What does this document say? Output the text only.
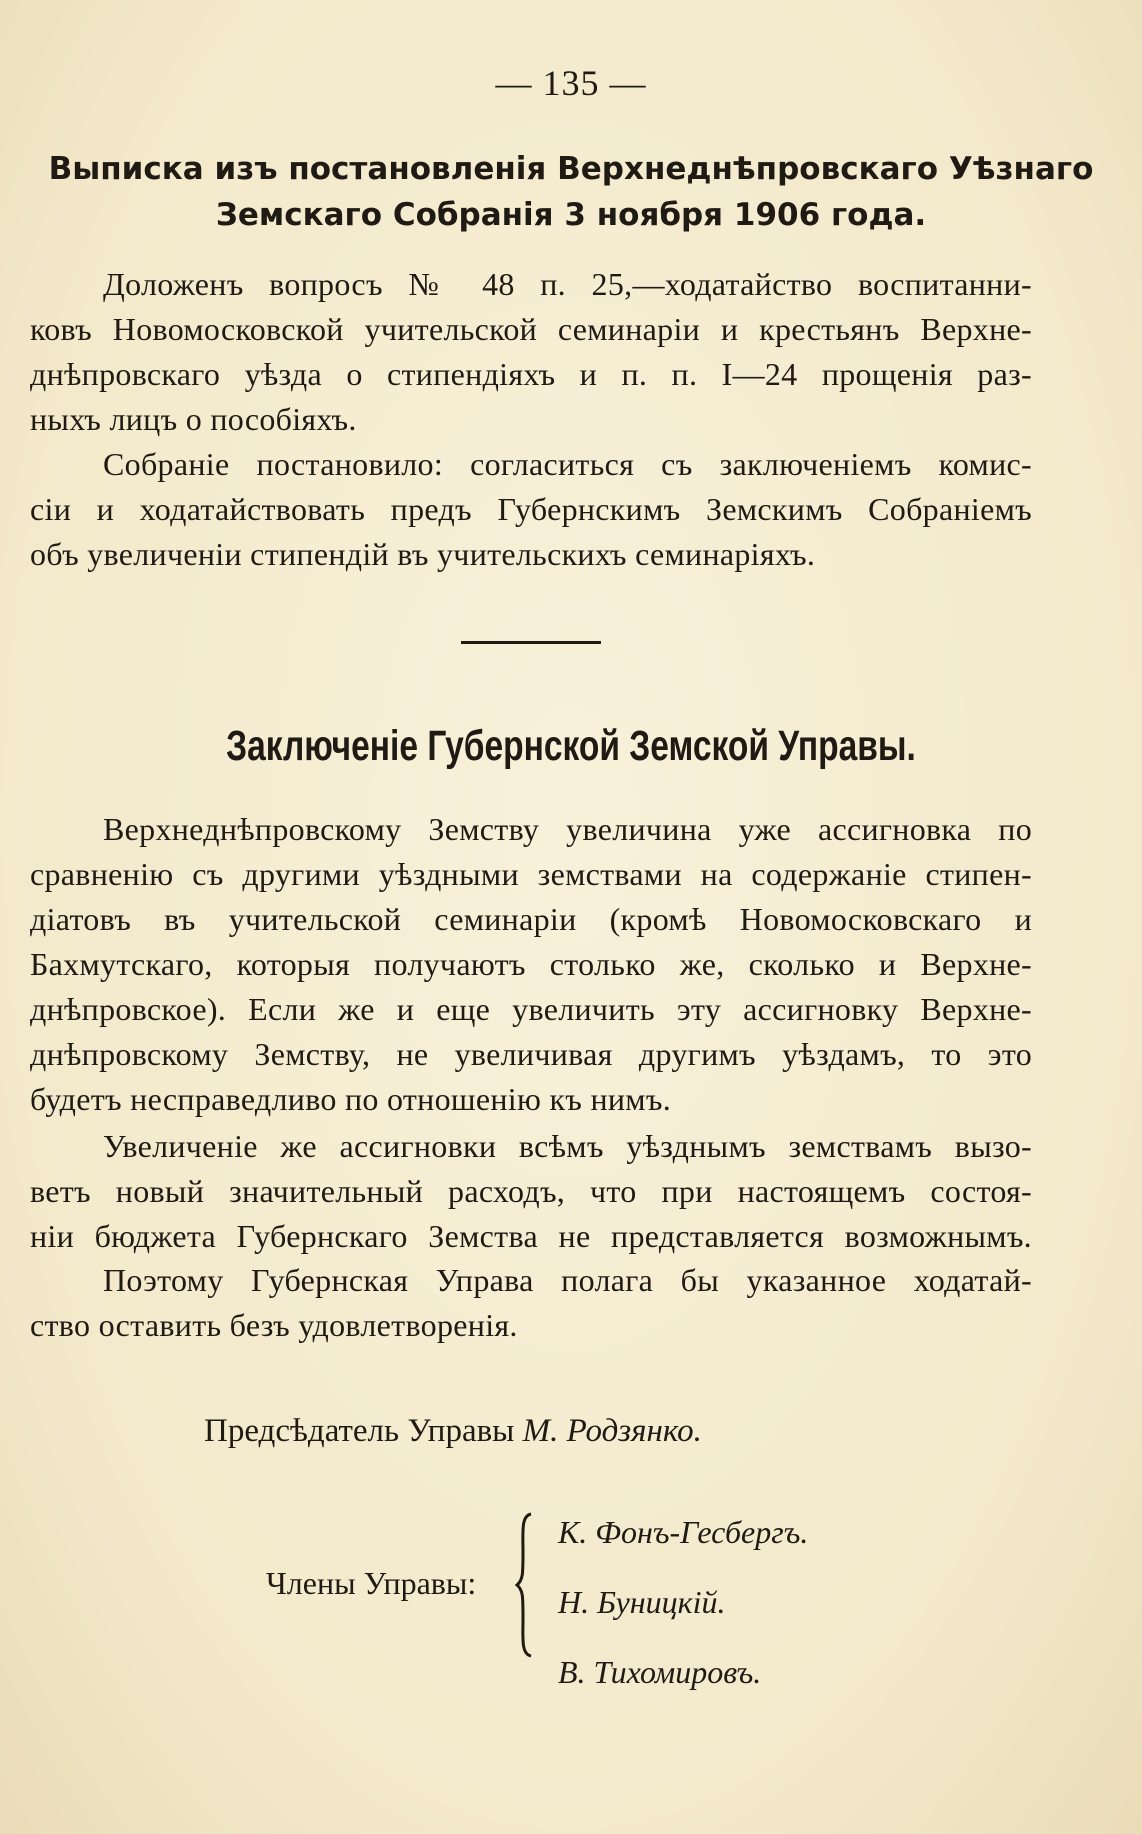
— 135 —
Выписка изъ постановленія Верхнеднѣпровскаго Уѣзнаго
Земскаго Собранія 3 ноября 1906 года.
Доложенъ вопросъ № 48 п. 25,—ходатайство воспитанни-
ковъ Новомосковской учительской семинаріи и крестьянъ Верхне-
днѣпровскаго уѣзда о стипендіяхъ и п. п. I—24 прощенія раз-
ныхъ лицъ о пособіяхъ.
Собраніе постановило: согласиться съ заключеніемъ комис-
сіи и ходатайствовать предъ Губернскимъ Земскимъ Собраніемъ
объ увеличеніи стипендій въ учительскихъ семинаріяхъ.
Заключеніе Губернской Земской Управы.
Верхнеднѣпровскому Земству увеличина уже ассигновка по
сравненію съ другими уѣздными земствами на содержаніе стипен-
діатовъ въ учительской семинаріи (кромѣ Новомосковскаго и
Бахмутскаго, которыя получаютъ столько же, сколько и Верхне-
днѣпровское). Если же и еще увеличить эту ассигновку Верхне-
днѣпровскому Земству, не увеличивая другимъ уѣздамъ, то это
будетъ несправедливо по отношенію къ нимъ.
Увеличеніе же ассигновки всѣмъ уѣзднымъ земствамъ вызо-
ветъ новый значительный расходъ, что при настоящемъ состоя-
ніи бюджета Губернскаго Земства не представляется возможнымъ.
Поэтому Губернская Управа полага бы указанное ходатай-
ство оставить безъ удовлетворенія.
Предсѣдатель Управы М. Родзянко.
Члены Управы:
К. Фонъ-Гесбергъ.
Н. Буницкій.
В. Тихомировъ.
